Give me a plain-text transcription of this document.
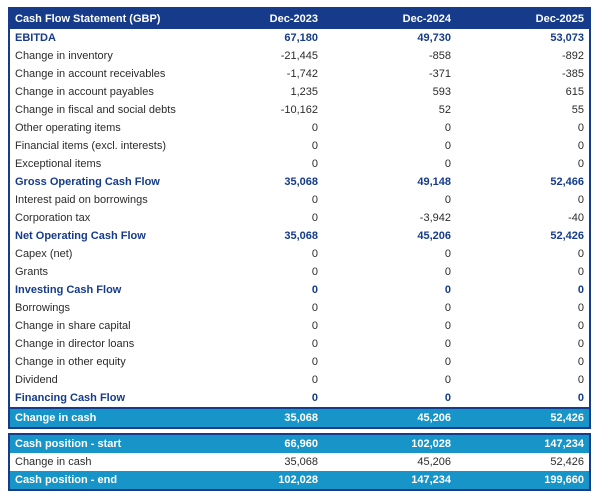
Cash Flow Statement (GBP)	Dec-2023	Dec-2024	Dec-2025
EBITDA	67,180	49,730	53,073
Change in inventory	-21,445	-858	-892
Change in account receivables	-1,742	-371	-385
Change in account payables	1,235	593	615
Change in fiscal and social debts	-10,162	52	55
Other operating items	0	0	0
Financial items (excl. interests)	0	0	0
Exceptional items	0	0	0
Gross Operating Cash Flow	35,068	49,148	52,466
Interest paid on borrowings	0	0	0
Corporation tax	0	-3,942	-40
Net Operating Cash Flow	35,068	45,206	52,426
Capex (net)	0	0	0
Grants	0	0	0
Investing Cash Flow	0	0	0
Borrowings	0	0	0
Change in share capital	0	0	0
Change in director loans	0	0	0
Change in other equity	0	0	0
Dividend	0	0	0
Financing Cash Flow	0	0	0
Change in cash	35,068	45,206	52,426
Cash position - start	66,960	102,028	147,234
Change in cash	35,068	45,206	52,426
Cash position - end	102,028	147,234	199,660
